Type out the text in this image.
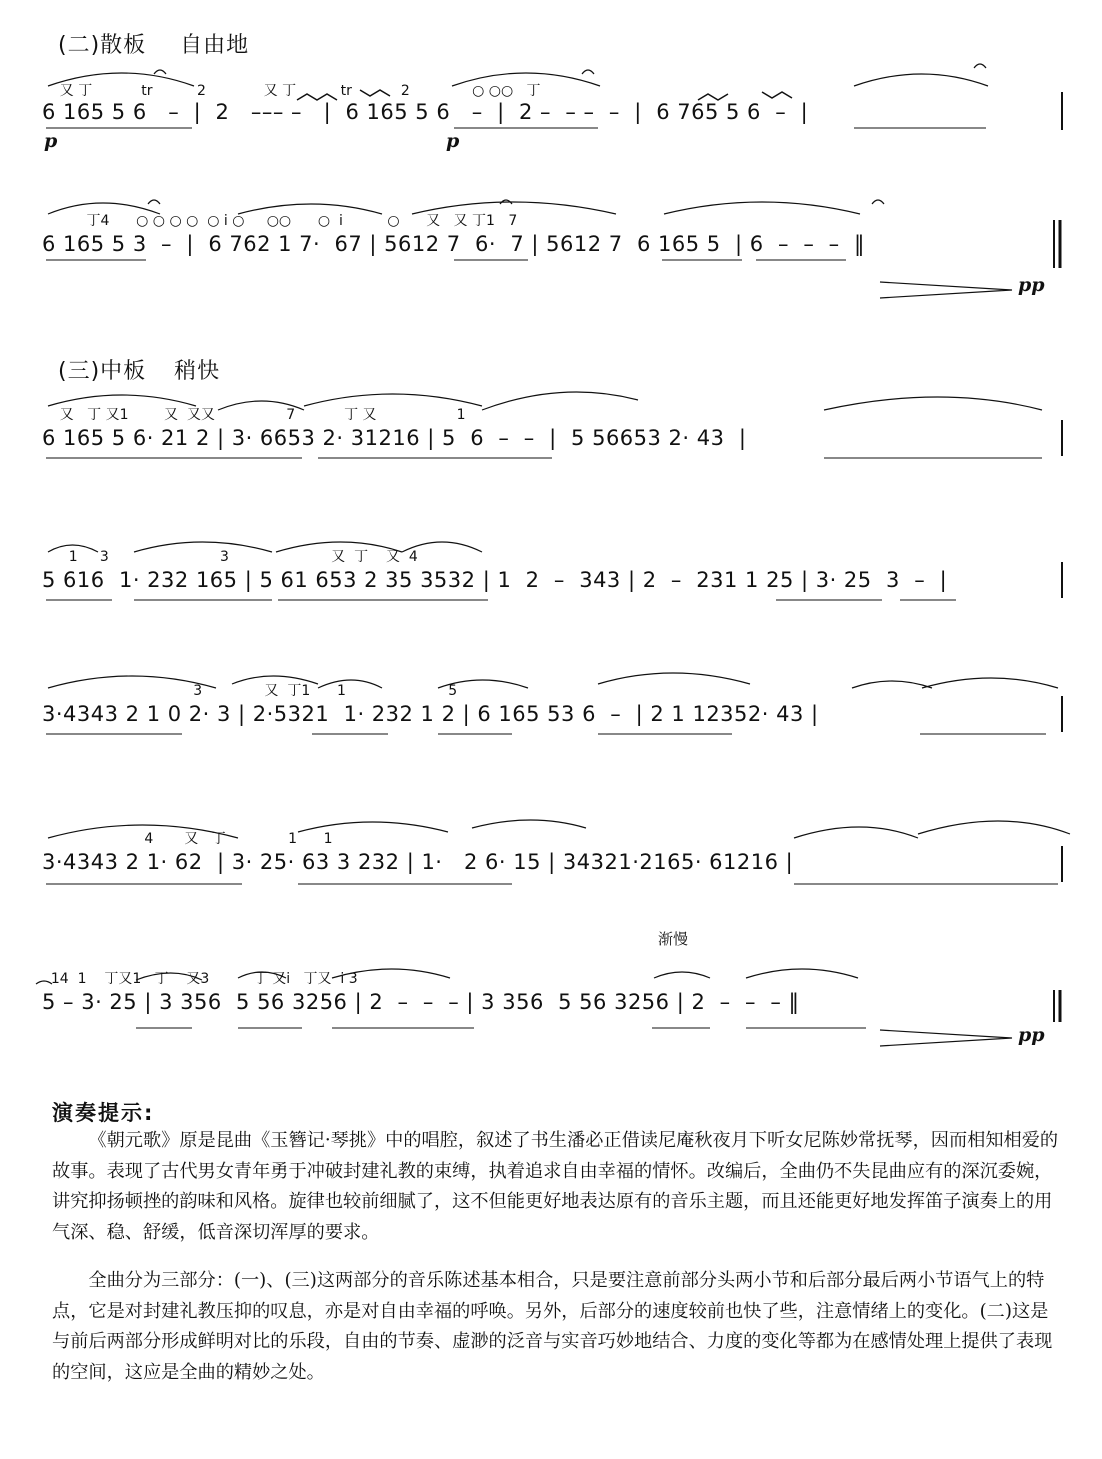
(二)散板 自由地
又 丁           tr          2             又 丁          tr           2              ○ ○○   丁
6 165 5 6   –  |  2   ––– –   |  6 165 5 6   –  |  2 –  – –  –  |  6 765 5 6  –  |
p	p
丁4      ○ ○ ○ ○  ○ i ○     ○○      ○  i          ○      又   又 丁1   7
6 165 5 3  –  |  6 762 1 7·  67 | 5612 7  6·  7 | 5612 7  6 165 5  | 6  –  –  –  ‖
pp
(三)中板 稍快
又   丁 又1        又  又又                7           丁 又                  1
6 165 5 6· 21 2 | 3· 6653 2· 31216 | 5  6  –  –  |  5 56653 2· 43  |
1     3                         3                       又  丁    又  4
5 616  1· 232 165 | 5 61 653 2 35 3532 | 1  2  –  343 | 2  –  231 1 25 | 3· 25  3  –  |
3              又  丁1      1                       5
3·4343 2 1 0 2· 3 | 2·5321  1· 232 1 2 | 6 165 53 6  –  | 2 1 12352· 43 |
4       又   丁              1      1
3·4343 2 1· 62  | 3· 25· 63 3 232 | 1·   2 6· 15 | 34321·2165· 61216 |
渐慢
14  1    丁又1   丁    又3          丁 又i   丁又  i 3
5 – 3· 25 | 3 356  5 56 3256 | 2  –  –  – | 3 356  5 56 3256 | 2  –  –  – ‖
pp
演奏提示:

《朝元歌》原是昆曲《玉簪记·琴挑》中的唱腔，叙述了书生潘必正借读尼庵秋夜月下听女尼陈妙常抚琴，因而相知相爱的故事。表现了古代男女青年勇于冲破封建礼教的束缚，执着追求自由幸福的情怀。改编后，全曲仍不失昆曲应有的深沉委婉，讲究抑扬顿挫的韵味和风格。旋律也较前细腻了，这不但能更好地表达原有的音乐主题，而且还能更好地发挥笛子演奏上的用气深、稳、舒缓，低音深切浑厚的要求。

全曲分为三部分：(一)、(三)这两部分的音乐陈述基本相合，只是要注意前部分头两小节和后部分最后两小节语气上的特点，它是对封建礼教压抑的叹息，亦是对自由幸福的呼唤。另外，后部分的速度较前也快了些，注意情绪上的变化。(二)这是与前后两部分形成鲜明对比的乐段，自由的节奏、虚渺的泛音与实音巧妙地结合、力度的变化等都为在感情处理上提供了表现的空间，这应是全曲的精妙之处。
